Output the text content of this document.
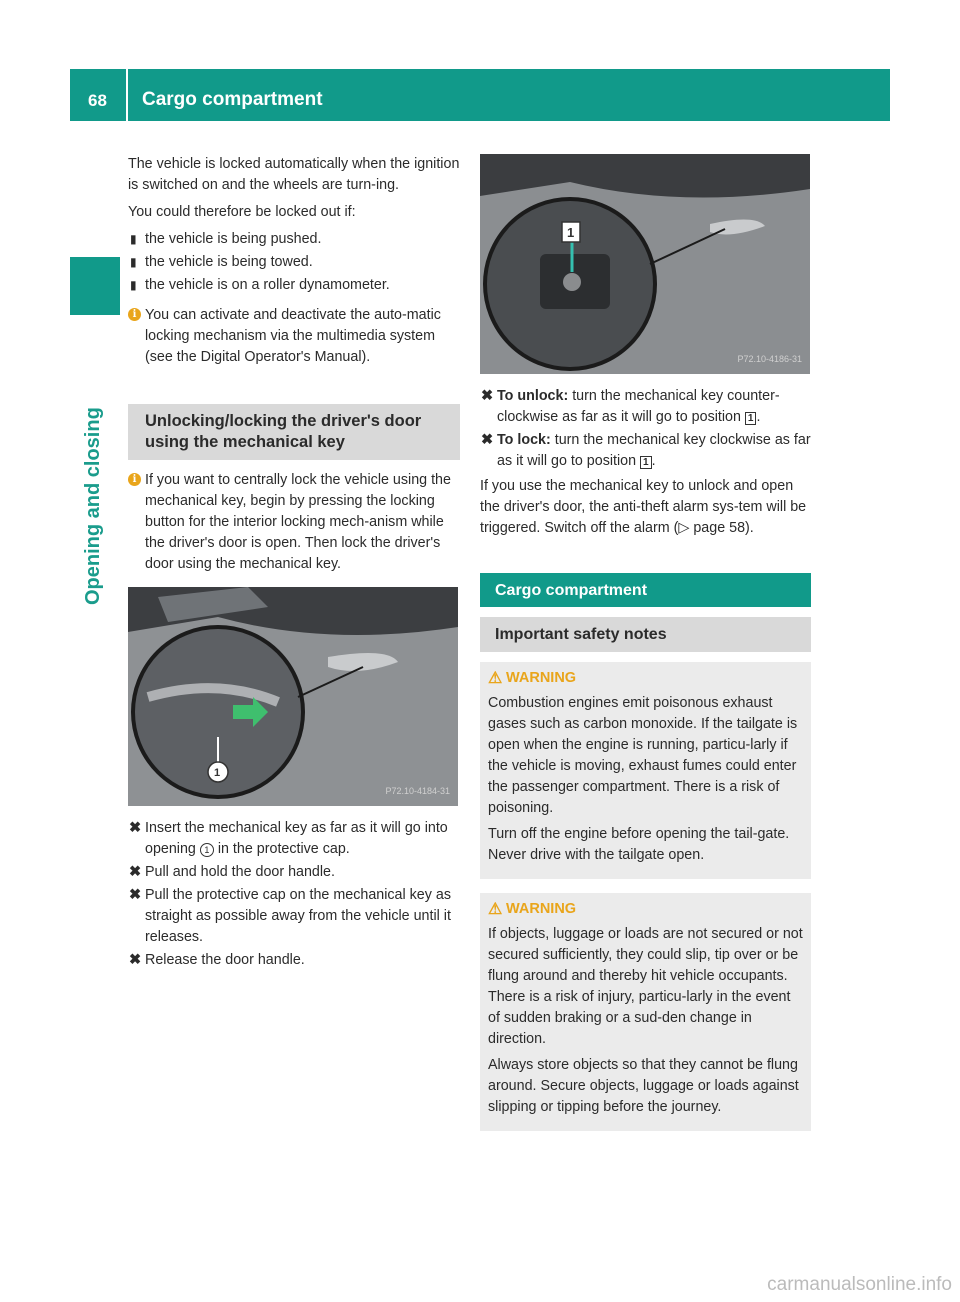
68 Cargo compartment
Opening and closing

The vehicle is locked automatically when the ignition is switched on and the wheels are turn-ing.

You could therefore be locked out if:

▮ the vehicle is being pushed.
▮ the vehicle is being towed.
▮ the vehicle is on a roller dynamometer.
i You can activate and deactivate the auto-matic locking mechanism via the multimedia system (see the Digital Operator's Manual).
Unlocking/locking the driver's door using the mechanical key
i If you want to centrally lock the vehicle using the mechanical key, begin by pressing the locking button for the interior locking mech-anism while the driver's door is open. Then lock the driver's door using the mechanical key.
1
P72.10-4184-31
✖ Insert the mechanical key as far as it will go into opening 1 in the protective cap.
✖ Pull and hold the door handle.
✖ Pull the protective cap on the mechanical key as straight as possible away from the vehicle until it releases.
✖ Release the door handle.
1
P72.10-4186-31
✖ To unlock: turn the mechanical key counter-clockwise as far as it will go to position 1 .
✖ To lock: turn the mechanical key clockwise as far as it will go to position 1 .

If you use the mechanical key to unlock and open the driver's door, the anti-theft alarm sys-tem will be triggered. Switch off the alarm (▷ page 58).

Cargo compartment
Important safety notes
⚠ WARNING

Combustion engines emit poisonous exhaust gases such as carbon monoxide. If the tailgate is open when the engine is running, particu-larly if the vehicle is moving, exhaust fumes could enter the passenger compartment. There is a risk of poisoning.

Turn off the engine before opening the tail-gate. Never drive with the tailgate open.

⚠ WARNING

If objects, luggage or loads are not secured or not secured sufficiently, they could slip, tip over or be flung around and thereby hit vehicle occupants. There is a risk of injury, particu-larly in the event of sudden braking or a sud-den change in direction.

Always store objects so that they cannot be flung around. Secure objects, luggage or loads against slipping or tipping before the journey.

carmanualsonline.info
